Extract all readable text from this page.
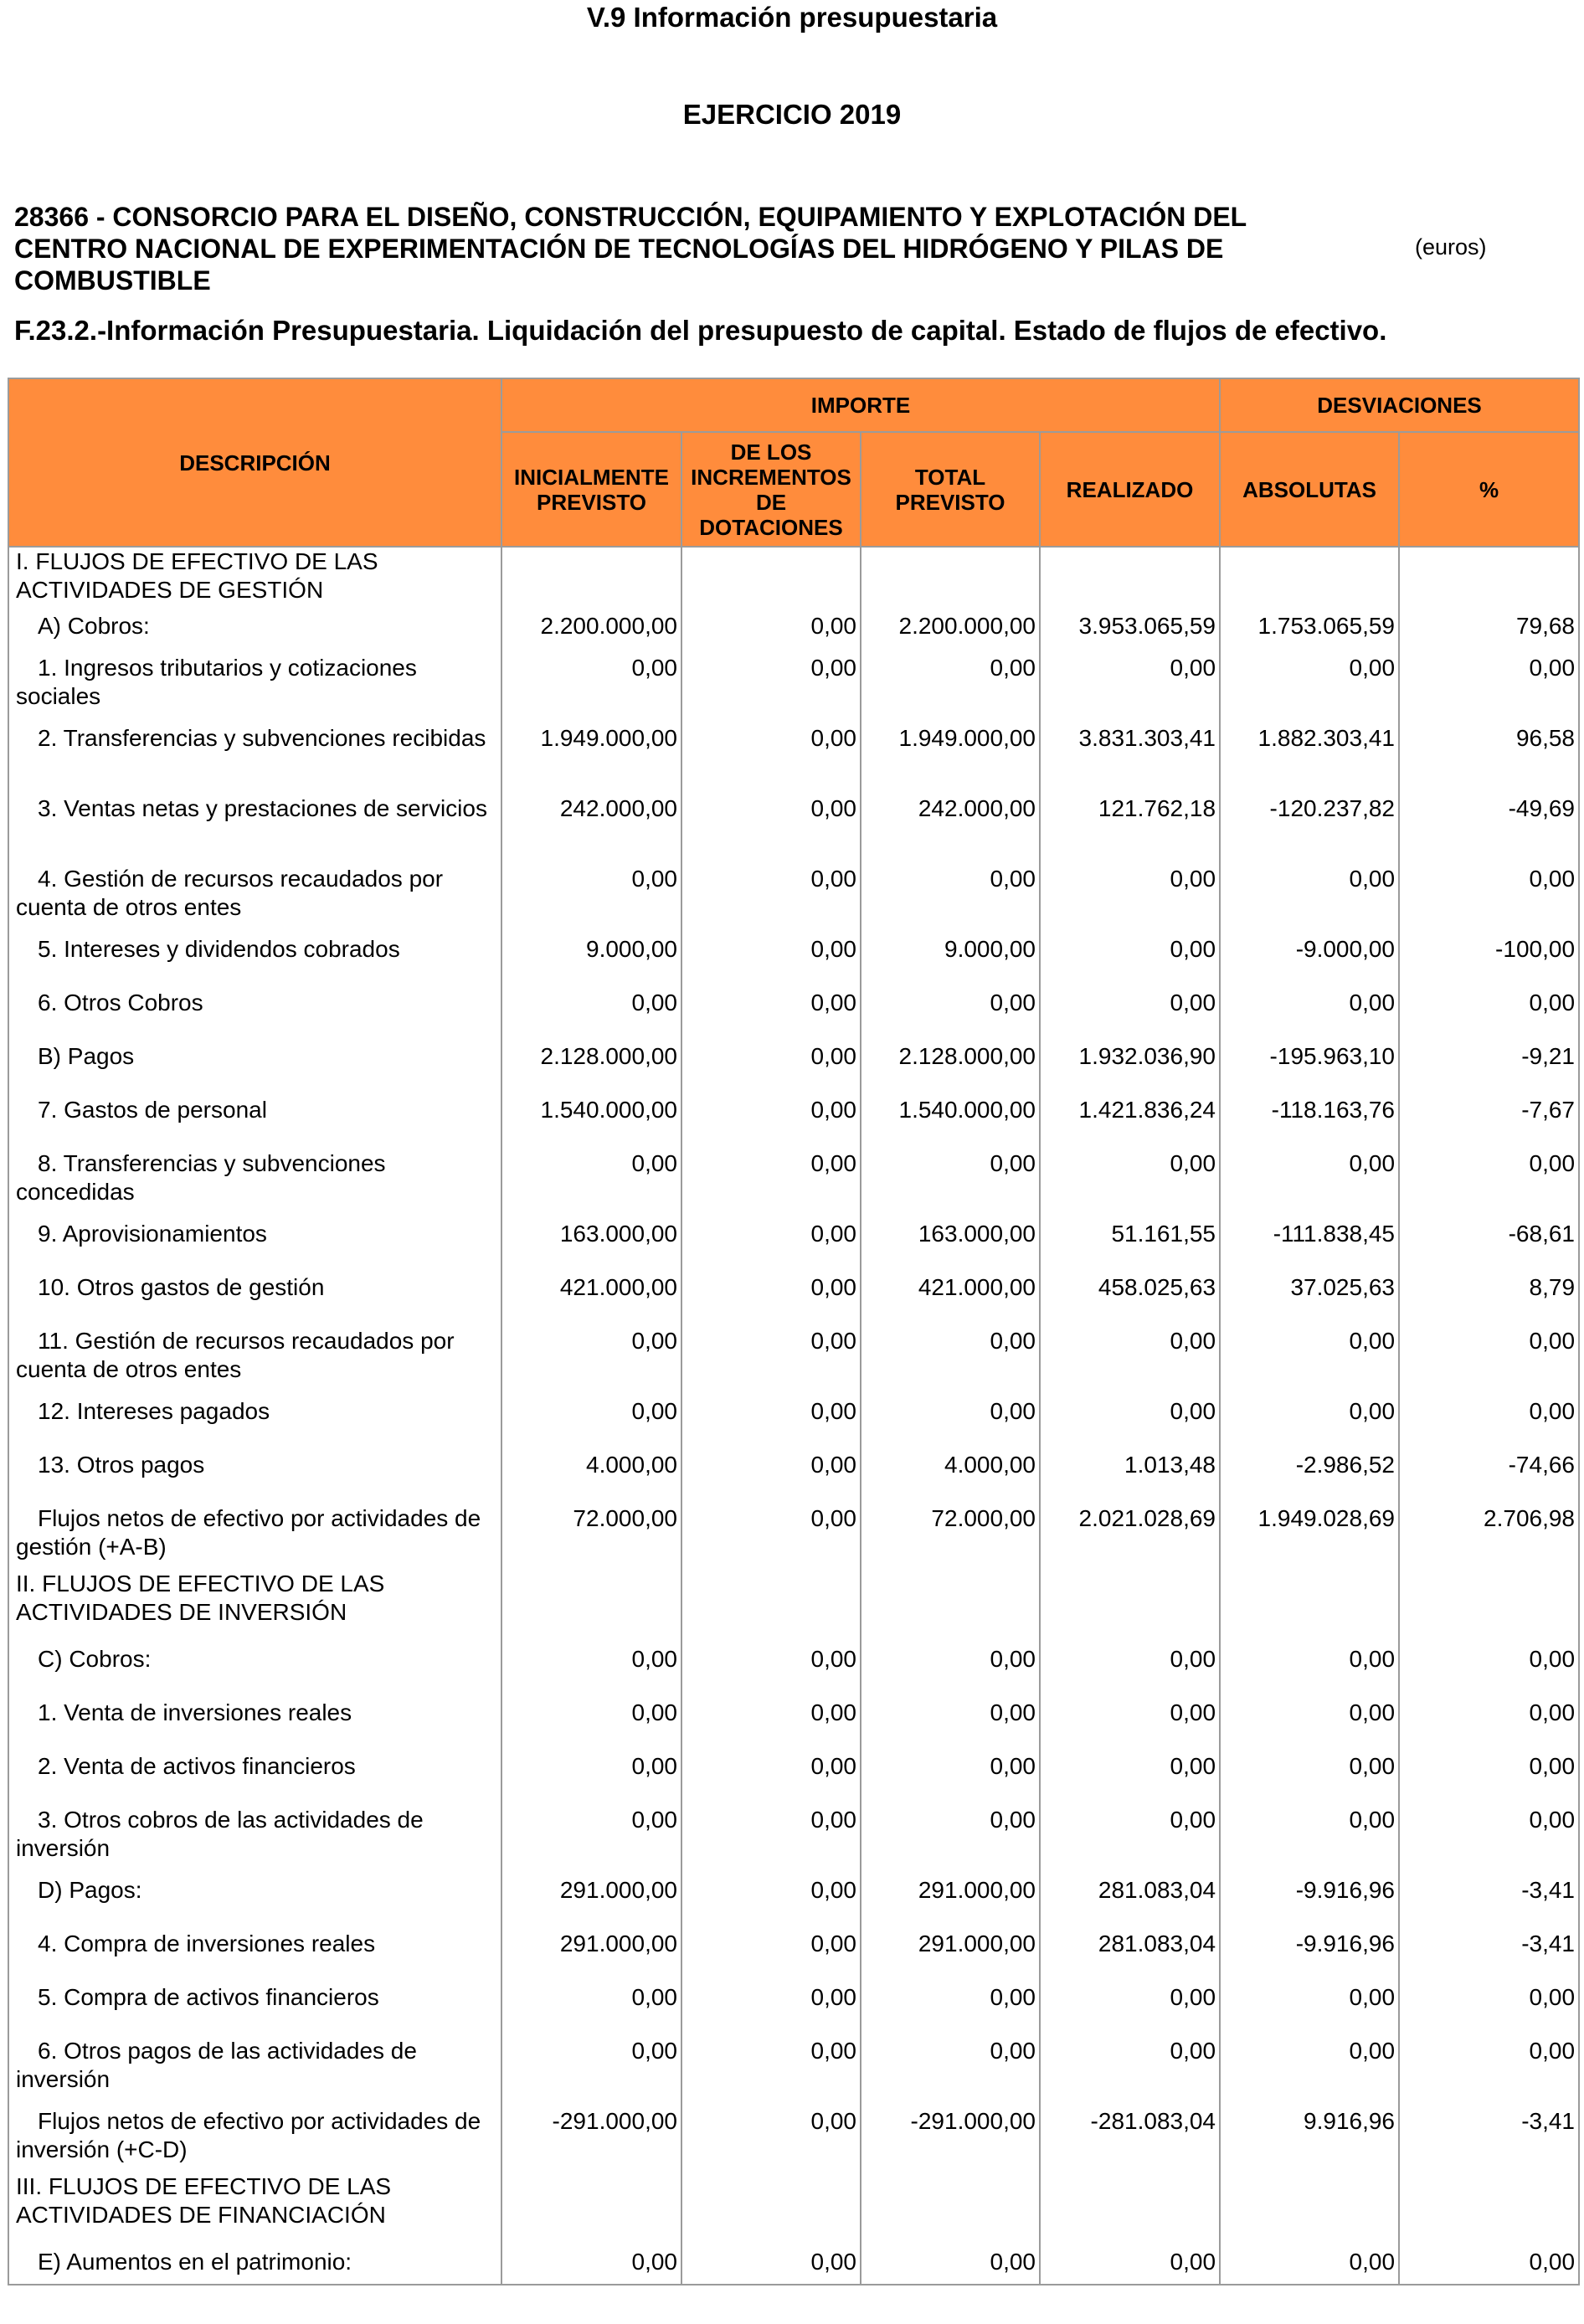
V.9 Información presupuestaria
EJERCICIO 2019
28366 - CONSORCIO PARA EL DISEÑO, CONSTRUCCIÓN, EQUIPAMIENTO Y EXPLOTACIÓN DEL CENTRO NACIONAL DE EXPERIMENTACIÓN DE TECNOLOGÍAS DEL HIDRÓGENO Y PILAS DE COMBUSTIBLE
(euros)
F.23.2.-Información Presupuestaria. Liquidación del presupuesto de capital. Estado de flujos de efectivo.
DESCRIPCIÓN	IMPORTE				DESVIACIONES	
	INICIALMENTE PREVISTO	DE LOS INCREMENTOS DE DOTACIONES	TOTAL PREVISTO	REALIZADO	ABSOLUTAS	%
I. FLUJOS DE EFECTIVO DE LAS ACTIVIDADES DE GESTIÓN						
A) Cobros:	2.200.000,00	0,00	2.200.000,00	3.953.065,59	1.753.065,59	79,68
1. Ingresos tributarios y cotizaciones sociales	0,00	0,00	0,00	0,00	0,00	0,00
2. Transferencias y subvenciones recibidas	1.949.000,00	0,00	1.949.000,00	3.831.303,41	1.882.303,41	96,58
3. Ventas netas y prestaciones de servicios	242.000,00	0,00	242.000,00	121.762,18	-120.237,82	-49,69
4. Gestión de recursos recaudados por cuenta de otros entes	0,00	0,00	0,00	0,00	0,00	0,00
5. Intereses y dividendos cobrados	9.000,00	0,00	9.000,00	0,00	-9.000,00	-100,00
6. Otros Cobros	0,00	0,00	0,00	0,00	0,00	0,00
B) Pagos	2.128.000,00	0,00	2.128.000,00	1.932.036,90	-195.963,10	-9,21
7. Gastos de personal	1.540.000,00	0,00	1.540.000,00	1.421.836,24	-118.163,76	-7,67
8. Transferencias y subvenciones concedidas	0,00	0,00	0,00	0,00	0,00	0,00
9. Aprovisionamientos	163.000,00	0,00	163.000,00	51.161,55	-111.838,45	-68,61
10. Otros gastos de gestión	421.000,00	0,00	421.000,00	458.025,63	37.025,63	8,79
11. Gestión de recursos recaudados por cuenta de otros entes	0,00	0,00	0,00	0,00	0,00	0,00
12. Intereses pagados	0,00	0,00	0,00	0,00	0,00	0,00
13. Otros pagos	4.000,00	0,00	4.000,00	1.013,48	-2.986,52	-74,66
Flujos netos de efectivo por actividades de gestión (+A-B)	72.000,00	0,00	72.000,00	2.021.028,69	1.949.028,69	2.706,98
II. FLUJOS DE EFECTIVO DE LAS ACTIVIDADES DE INVERSIÓN						
C) Cobros:	0,00	0,00	0,00	0,00	0,00	0,00
1. Venta de inversiones reales	0,00	0,00	0,00	0,00	0,00	0,00
2. Venta de activos financieros	0,00	0,00	0,00	0,00	0,00	0,00
3. Otros cobros de las actividades de inversión	0,00	0,00	0,00	0,00	0,00	0,00
D) Pagos:	291.000,00	0,00	291.000,00	281.083,04	-9.916,96	-3,41
4. Compra de inversiones reales	291.000,00	0,00	291.000,00	281.083,04	-9.916,96	-3,41
5. Compra de activos financieros	0,00	0,00	0,00	0,00	0,00	0,00
6. Otros pagos de las actividades de inversión	0,00	0,00	0,00	0,00	0,00	0,00
Flujos netos de efectivo por actividades de inversión (+C-D)	-291.000,00	0,00	-291.000,00	-281.083,04	9.916,96	-3,41
III. FLUJOS DE EFECTIVO DE LAS ACTIVIDADES DE FINANCIACIÓN						
E) Aumentos en el patrimonio:	0,00	0,00	0,00	0,00	0,00	0,00
